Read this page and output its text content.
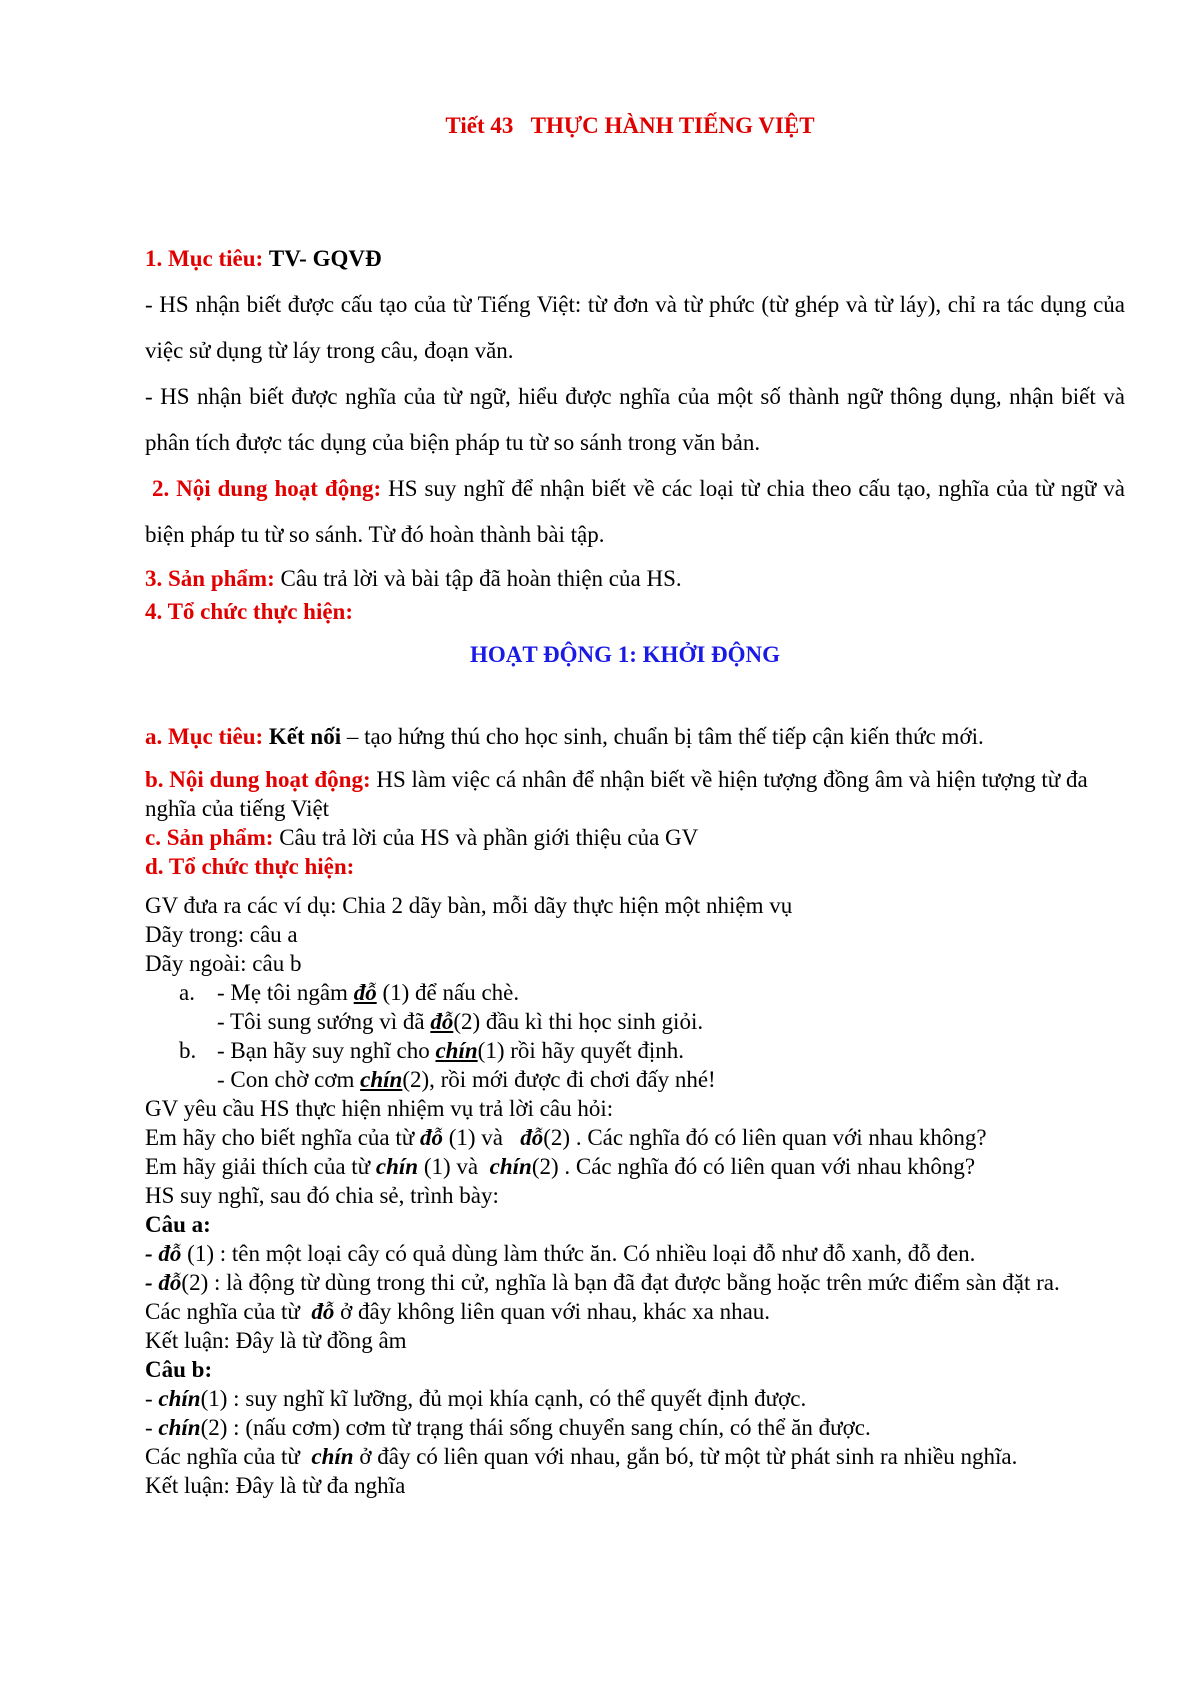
Tiết 43 THỰC HÀNH TIẾNG VIỆT

1. Mục tiêu: TV- GQVĐ

- HS nhận biết được cấu tạo của từ Tiếng Việt: từ đơn và từ phức (từ ghép và từ láy), chỉ ra tác dụng của việc sử dụng từ láy trong câu, đoạn văn.

- HS nhận biết được nghĩa của từ ngữ, hiểu được nghĩa của một số thành ngữ thông dụng, nhận biết và phân tích được tác dụng của biện pháp tu từ so sánh trong văn bản.

2. Nội dung hoạt động: HS suy nghĩ để nhận biết về các loại từ chia theo cấu tạo, nghĩa của từ ngữ và biện pháp tu từ so sánh. Từ đó hoàn thành bài tập.

3. Sản phẩm: Câu trả lời và bài tập đã hoàn thiện của HS.

4. Tổ chức thực hiện:

HOẠT ĐỘNG 1: KHỞI ĐỘNG

a. Mục tiêu: Kết nối – tạo hứng thú cho học sinh, chuẩn bị tâm thế tiếp cận kiến thức mới.

b. Nội dung hoạt động: HS làm việc cá nhân để nhận biết về hiện tượng đồng âm và hiện tượng từ đa nghĩa của tiếng Việt

c. Sản phẩm: Câu trả lời của HS và phần giới thiệu của GV

d. Tổ chức thực hiện:

GV đưa ra các ví dụ: Chia 2 dãy bàn, mỗi dãy thực hiện một nhiệm vụ

Dãy trong: câu a

Dãy ngoài: câu b

a. - Mẹ tôi ngâm đỗ (1) để nấu chè.

- Tôi sung sướng vì đã đỗ(2) đầu kì thi học sinh giỏi.

b. - Bạn hãy suy nghĩ cho chín(1) rồi hãy quyết định.

- Con chờ cơm chín(2), rồi mới được đi chơi đấy nhé!

GV yêu cầu HS thực hiện nhiệm vụ trả lời câu hỏi:

Em hãy cho biết nghĩa của từ đỗ (1) và   đỗ(2) . Các nghĩa đó có liên quan với nhau không?

Em hãy giải thích của từ chín (1) và  chín(2) . Các nghĩa đó có liên quan với nhau không?

HS suy nghĩ, sau đó chia sẻ, trình bày:

Câu a:

- đỗ (1) : tên một loại cây có quả dùng làm thức ăn. Có nhiều loại đỗ như đỗ xanh, đỗ đen.

- đỗ(2) : là động từ dùng trong thi cử, nghĩa là bạn đã đạt được bằng hoặc trên mức điểm sàn đặt ra.

Các nghĩa của từ  đỗ ở đây không liên quan với nhau, khác xa nhau.

Kết luận: Đây là từ đồng âm

Câu b:

- chín(1) : suy nghĩ kĩ lưỡng, đủ mọi khía cạnh, có thể quyết định được.

- chín(2) : (nấu cơm) cơm từ trạng thái sống chuyển sang chín, có thể ăn được.

Các nghĩa của từ  chín ở đây có liên quan với nhau, gắn bó, từ một từ phát sinh ra nhiều nghĩa.

Kết luận: Đây là từ đa nghĩa
